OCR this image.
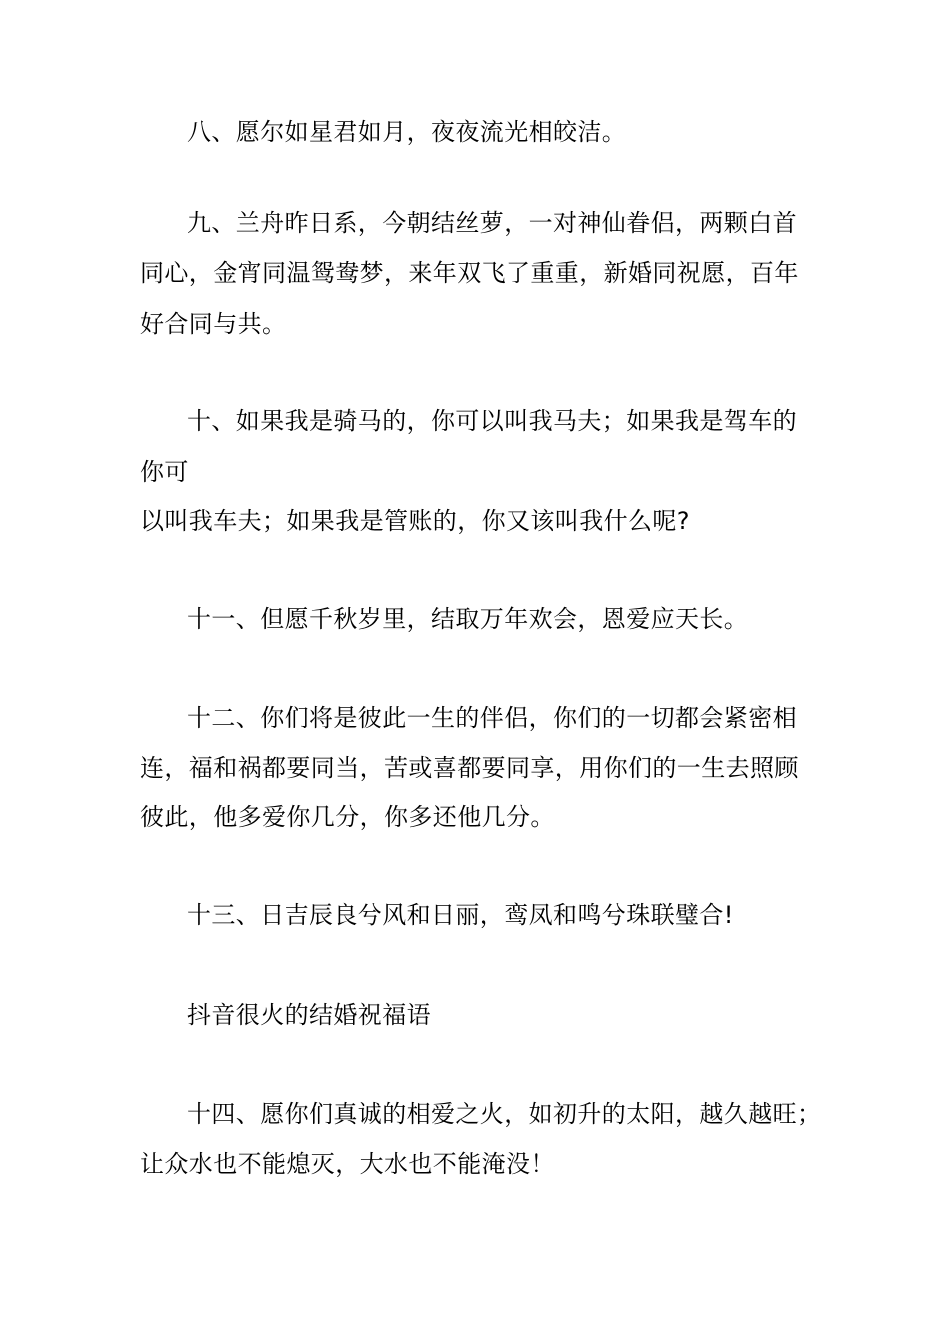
八、愿尔如星君如月，夜夜流光相皎洁。
九、兰舟昨日系，今朝结丝萝，一对神仙眷侣，两颗白首
同心，金宵同温鸳鸯梦，来年双飞了重重，新婚同祝愿，百年
好合同与共。
十、如果我是骑马的，你可以叫我马夫；如果我是驾车的
你可
以叫我车夫；如果我是管账的，你又该叫我什么呢?
十一、但愿千秋岁里，结取万年欢会，恩爱应天长。
十二、你们将是彼此一生的伴侣，你们的一切都会紧密相
连，福和祸都要同当，苦或喜都要同享，用你们的一生去照顾
彼此，他多爱你几分，你多还他几分。
十三、日吉辰良兮风和日丽，鸾凤和鸣兮珠联璧合!
抖音很火的结婚祝福语
十四、愿你们真诚的相爱之火，如初升的太阳，越久越旺；
让众水也不能熄灭，大水也不能淹没！
